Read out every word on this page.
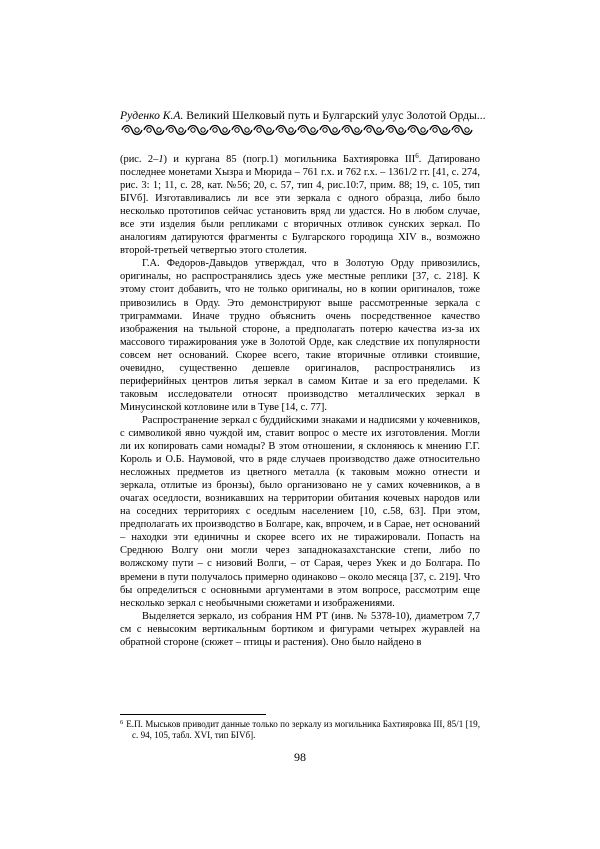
Руденко К.А. Великий Шелковый путь и Булгарский улус Золотой Орды...

(рис. 2–1) и кургана 85 (погр.1) могильника Бахтияровка III$^6$. Датировано последнее монетами Хызра и Мюрида – 761 г.х. и 762 г.х. – 1361/2 гг. [41, с. 274, рис. 3: 1; 11, с. 28, кат. №56; 20, с. 57, тип 4, рис.10:7, прим. 88; 19, с. 105, тип БIVб]. Изготавливались ли все эти зеркала с одного образца, либо было несколько прототипов сейчас установить вряд ли удастся. Но в любом случае, все эти изделия были репликами с вторичных отливок сунских зеркал. По аналогиям датируются фрагменты с Булгарского городища XIV в., возможно второй-третьей четвертью этого столетия.

Г.А. Федоров-Давыдов утверждал, что в Золотую Орду привозились, оригиналы, но распространялись здесь уже местные реплики [37, с. 218]. К этому стоит добавить, что не только оригиналы, но в копии оригиналов, тоже привозились в Орду. Это демонстрируют выше рассмотренные зеркала с триграммами. Иначе трудно объяснить очень посредственное качество изображения на тыльной стороне, а предполагать потерю качества из-за их массового тиражирования уже в Золотой Орде, как следствие их популярности совсем нет оснований. Скорее всего, такие вторичные отливки стоившие, очевидно, существенно дешевле оригиналов, распространялись из периферийных центров литья зеркал в самом Китае и за его пределами. К таковым исследователи относят производство металлических зеркал в Минусинской котловине или в Туве [14, с. 77].

Распространение зеркал с буддийскими знаками и надписями у кочевников, с символикой явно чуждой им, ставит вопрос о месте их изготовления. Могли ли их копировать сами номады? В этом отношении, я склоняюсь к мнению Г.Г. Король и О.Б. Наумовой, что в ряде случаев производство даже относительно несложных предметов из цветного металла (к таковым можно отнести и зеркала, отлитые из бронзы), было организовано не у самих кочевников, а в очагах оседлости, возникавших на территории обитания кочевых народов или на соседних территориях с оседлым населением [10, с.58, 63]. При этом, предполагать их производство в Болгаре, как, впрочем, и в Сарае, нет оснований – находки эти единичны и скорее всего их не тиражировали. Попасть на Среднюю Волгу они могли через западноказахстанские степи, либо по волжскому пути – с низовий Волги, – от Сарая, через Укек и до Болгара. По времени в пути получалось примерно одинаково – около месяца [37, с. 219]. Что бы определиться с основными аргументами в этом вопросе, рассмотрим еще несколько зеркал с необычными сюжетами и изображениями.

Выделяется зеркало, из собрания НМ РТ (инв. № 5378-10), диаметром 7,7 см с невысоким вертикальным бортиком и фигурами четырех журавлей на обратной стороне (сюжет – птицы и растения). Оно было найдено в

$^6$ Е.П. Мыськов приводит данные только по зеркалу из могильника Бахтияровка III, 85/1 [19, с. 94, 105, табл. XVI, тип БIVб].
98
